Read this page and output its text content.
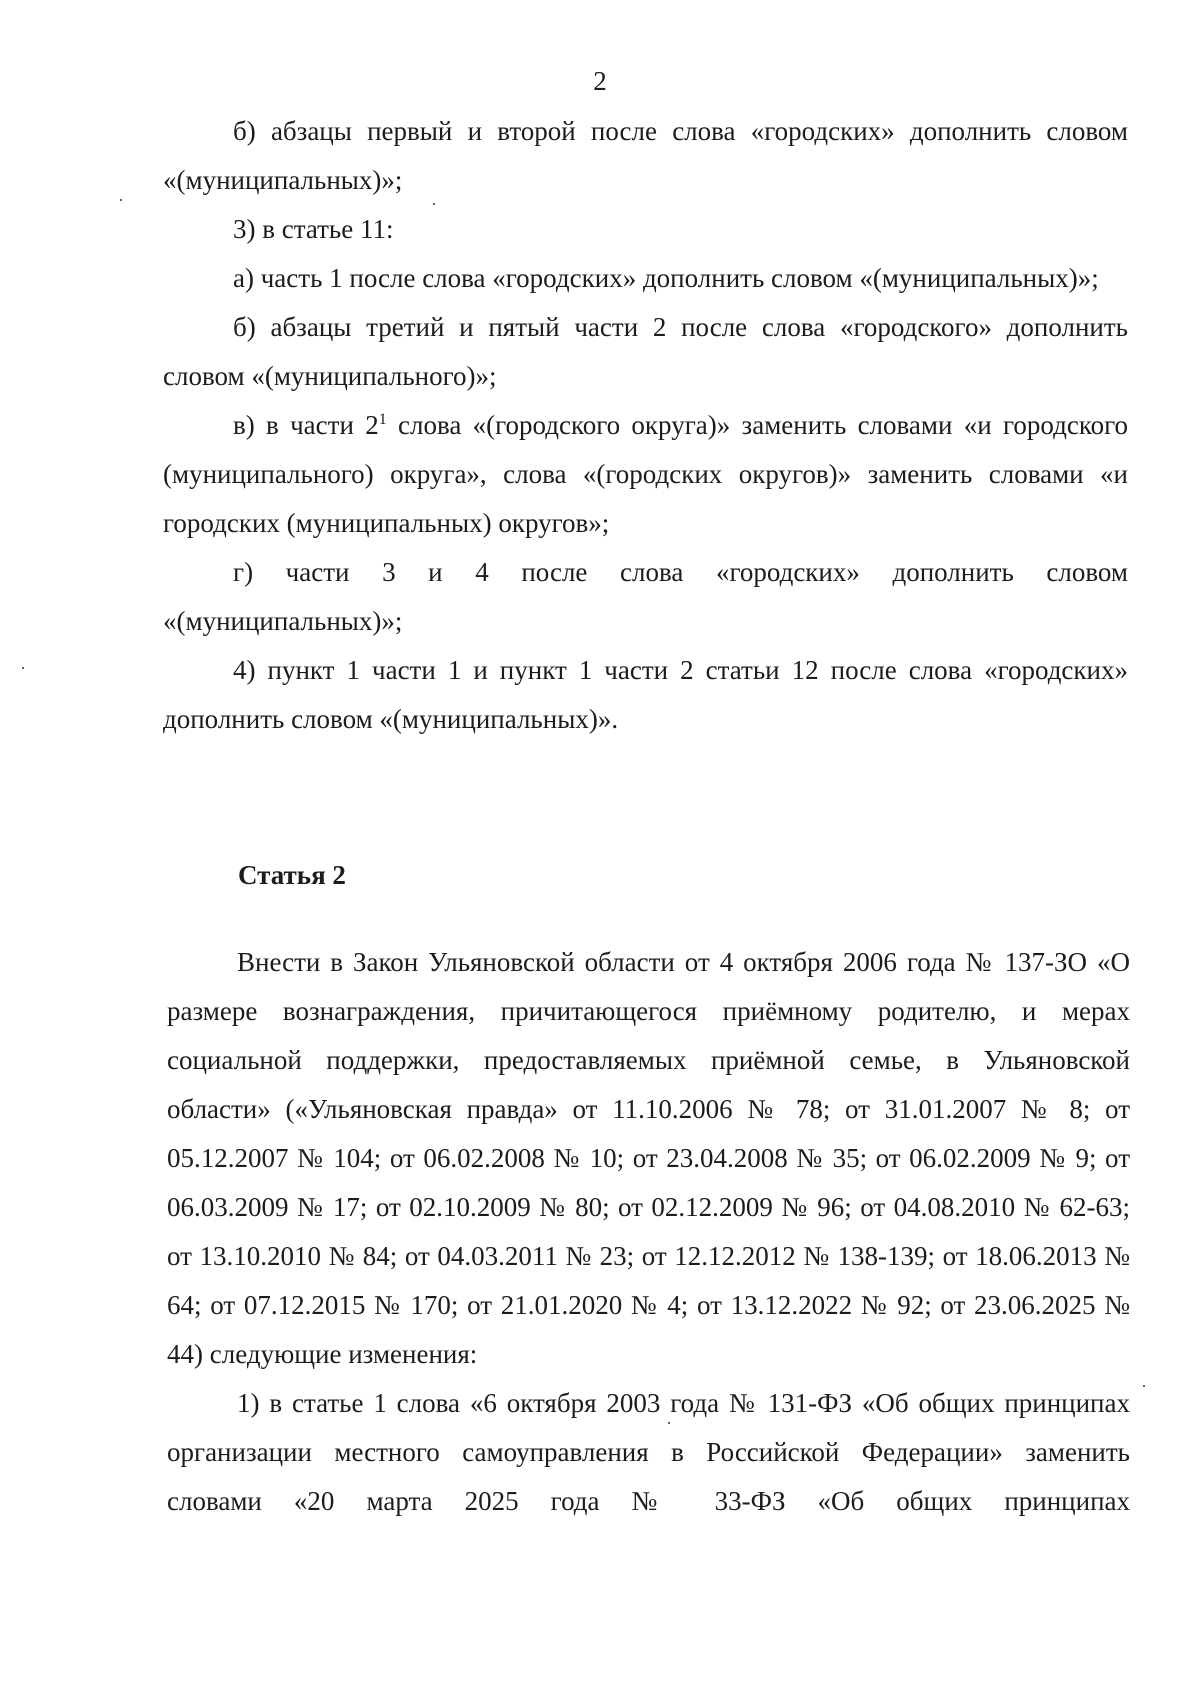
2

б) абзацы первый и второй после слова «городских» дополнить словом «(муниципальных)»;

3) в статье 11:

а) часть 1 после слова «городских» дополнить словом «(муниципальных)»;

б) абзацы третий и пятый части 2 после слова «городского» дополнить словом «(муниципального)»;

в) в части $2^1$ слова «(городского округа)» заменить словами «и городского (муниципального) округа», слова «(городских округов)» заменить словами «и городских (муниципальных) округов»;

г) части 3 и 4 после слова «городских» дополнить словом «(муниципальных)»;

4) пункт 1 части 1 и пункт 1 части 2 статьи 12 после слова «городских» дополнить словом «(муниципальных)».

Статья 2

Внести в Закон Ульяновской области от 4 октября 2006 года № 137-ЗО «О размере вознаграждения, причитающегося приёмному родителю, и мерах социальной поддержки, предоставляемых приёмной семье, в Ульяновской области» («Ульяновская правда» от 11.10.2006 № 78; от 31.01.2007 № 8; от 05.12.2007 № 104; от 06.02.2008 № 10; от 23.04.2008 № 35; от 06.02.2009 № 9; от 06.03.2009 № 17; от 02.10.2009 № 80; от 02.12.2009 № 96; от 04.08.2010 № 62-63; от 13.10.2010 № 84; от 04.03.2011 № 23; от 12.12.2012 № 138-139; от 18.06.2013 № 64; от 07.12.2015 № 170; от 21.01.2020 № 4; от 13.12.2022 № 92; от 23.06.2025 № 44) следующие изменения:

1) в статье 1 слова «6 октября 2003 года № 131-ФЗ «Об общих принципах организации местного самоуправления в Российской Федерации» заменить словами «20 марта 2025 года № 33-ФЗ «Об общих принципах
